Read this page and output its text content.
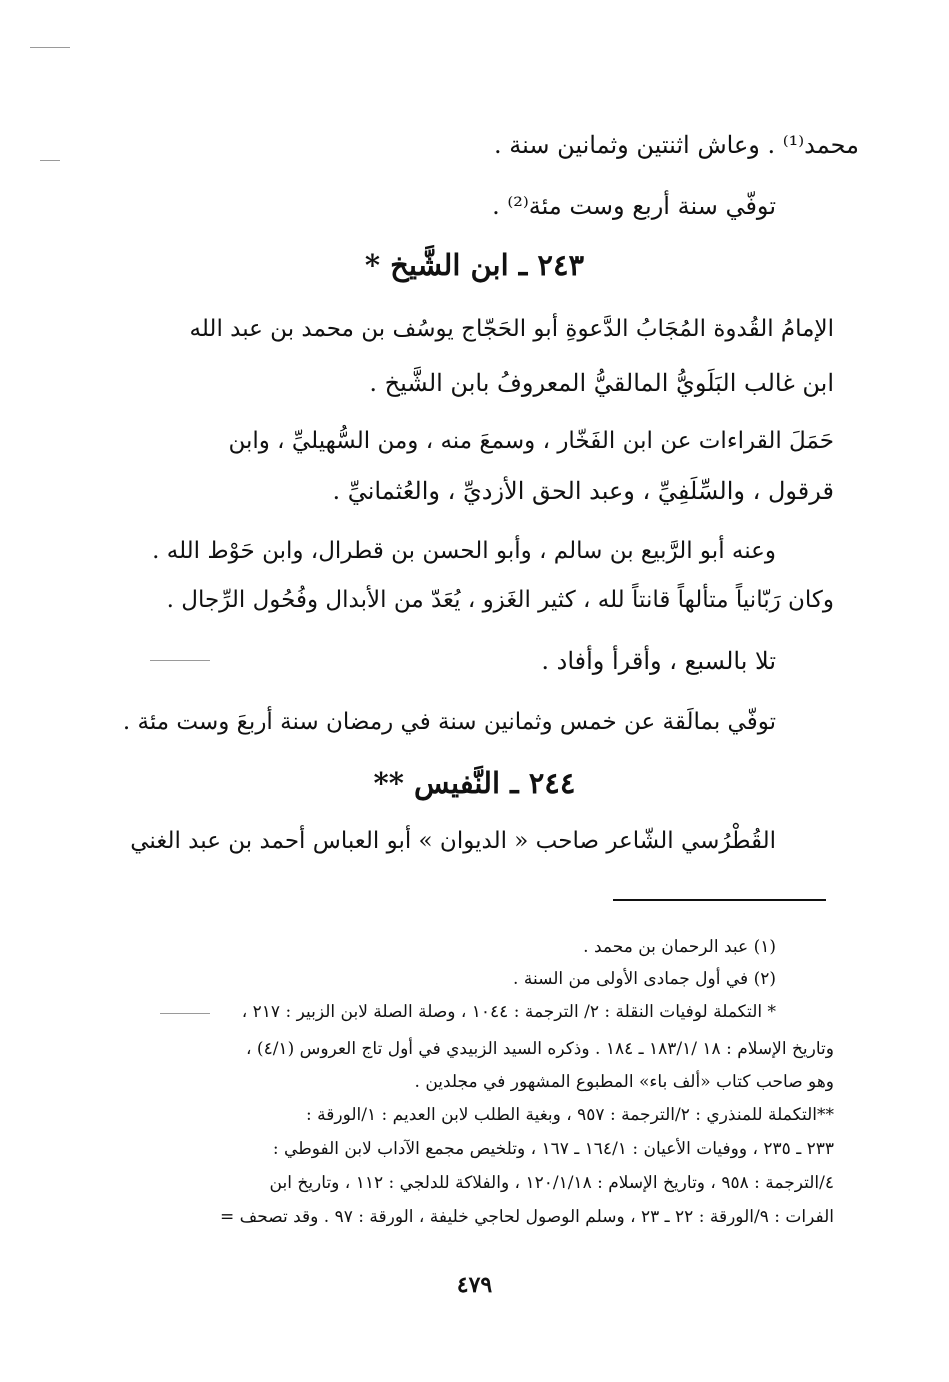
محمد⁽¹⁾ . وعاش اثنتين وثمانين سنة .
توفّي سنة أربع وست مئة⁽²⁾ .
٢٤٣ ـ ابن الشَّيخ *
الإمامُ القُدوة المُجَابُ الدَّعوةِ أبو الحَجّاج يوسُف بن محمد بن عبد الله
ابن غالب البَلَويُّ المالقيُّ المعروفُ بابن الشَّيخ .
حَمَلَ القراءات عن ابن الفَخّار ، وسمعَ منه ، ومن السُّهيليِّ ، وابن
قرقول ، والسِّلَفِيِّ ، وعبد الحق الأزديِّ ، والعُثمانيِّ .
وعنه أبو الرَّبيع بن سالم ، وأبو الحسن بن قطرال، وابن حَوْط الله .
وكان رَبّانياً متألهاً قانتاً لله ، كثير الغَزو ، يُعَدّ من الأبدال وفُحُول الرِّجال .
تلا بالسبع ، وأقرأ وأفاد .
توفّي بمالَقة عن خمس وثمانين سنة في رمضان سنة أربعَ وست مئة .
٢٤٤ ـ النَّفيس **
القُطْرُسي الشّاعر صاحب « الديوان » أبو العباس أحمد بن عبد الغني
(١) عبد الرحمان بن محمد .
(٢) في أول جمادى الأولى من السنة .
* التكملة لوفيات النقلة : ٢/ الترجمة : ١٠٤٤ ، وصلة الصلة لابن الزبير : ٢١٧ ،
وتاريخ الإسلام : ١٨ /١٨٣/١ ـ ١٨٤ . وذكره السيد الزبيدي في أول تاج العروس (٤/١) ،
وهو صاحب كتاب «ألف باء» المطبوع المشهور في مجلدين .
**التكملة للمنذري : ٢/الترجمة : ٩٥٧ ، وبغية الطلب لابن العديم : ١/الورقة :
٢٣٣ ـ ٢٣٥ ، ووفيات الأعيان : ١٦٤/١ ـ ١٦٧ ، وتلخيص مجمع الآداب لابن الفوطي :
٤/الترجمة : ٩٥٨ ، وتاريخ الإسلام : ١٢٠/١/١٨ ، والفلاكة للدلجي : ١١٢ ، وتاريخ ابن
الفرات : ٩/الورقة : ٢٢ ـ ٢٣ ، وسلم الوصول لحاجي خليفة ، الورقة : ٩٧ . وقد تصحف =
٤٧٩
